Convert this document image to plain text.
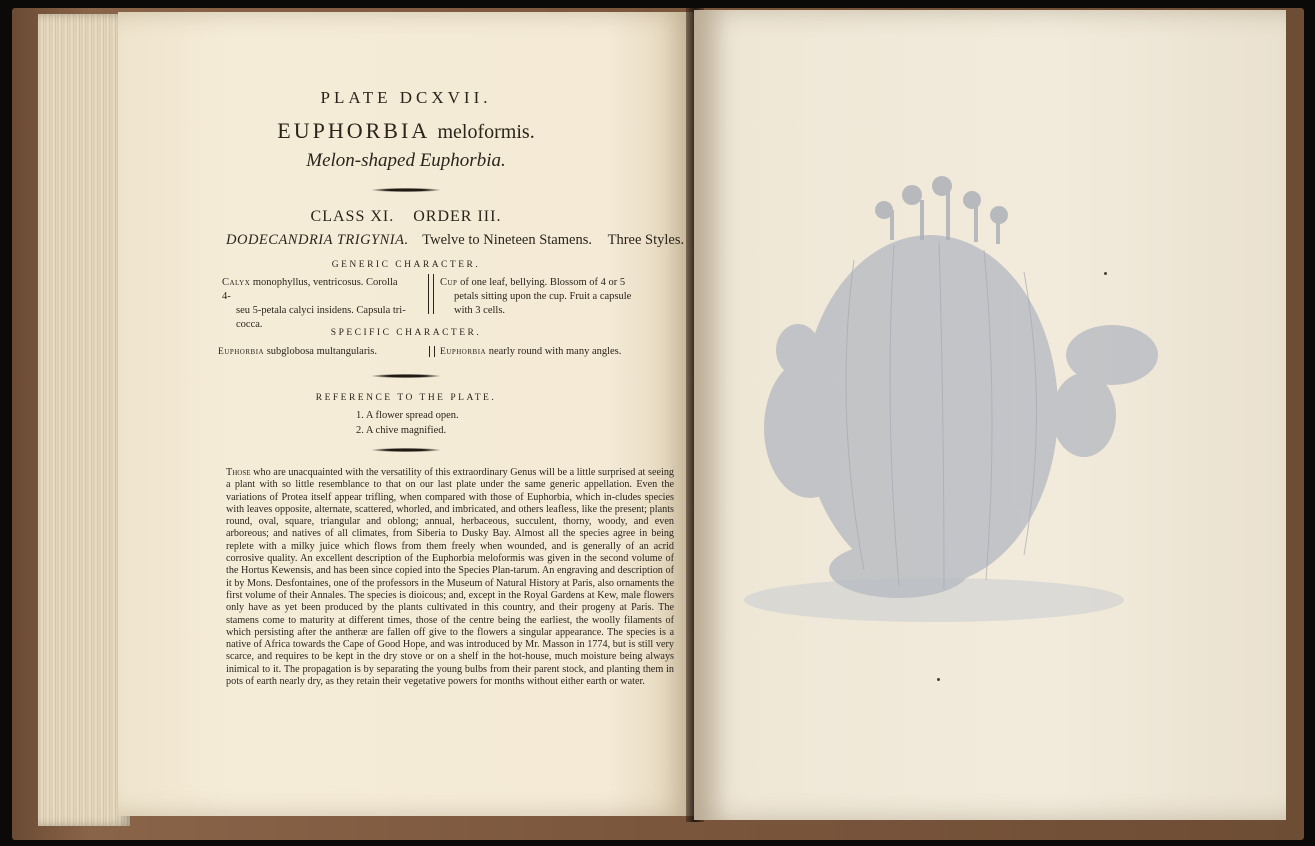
PLATE DCXVII.
EUPHORBIA meloformis.
Melon-shaped Euphorbia.
CLASS XI. ORDER III.
DODECANDRIA TRIGYNIA. Twelve to Nineteen Stamens. Three Styles.
GENERIC CHARACTER.
Calyx monophyllus, ventricosus. Corolla 4-
seu 5-petala calyci insidens. Capsula tri-
cocca.
Cup of one leaf, bellying. Blossom of 4 or 5
petals sitting upon the cup. Fruit a capsule
with 3 cells.
SPECIFIC CHARACTER.
Euphorbia subglobosa multangularis.	Euphorbia nearly round with many angles.
REFERENCE TO THE PLATE.
1. A flower spread open.
2. A chive magnified.
Those who are unacquainted with the versatility of this extraordinary Genus will be a little surprised at seeing a plant with so little resemblance to that on our last plate under the same generic appellation. Even the variations of Protea itself appear trifling, when compared with those of Euphorbia, which in-cludes species with leaves opposite, alternate, scattered, whorled, and imbricated, and others leafless, like the present; plants round, oval, square, triangular and oblong; annual, herbaceous, succulent, thorny, woody, and even arboreous; and natives of all climates, from Siberia to Dusky Bay. Almost all the species agree in being replete with a milky juice which flows from them freely when wounded, and is generally of an acrid corrosive quality. An excellent description of the Euphorbia meloformis was given in the second volume of the Hortus Kewensis, and has been since copied into the Species Plan-tarum. An engraving and description of it by Mons. Desfontaines, one of the professors in the Museum of Natural History at Paris, also ornaments the first volume of their Annales. The species is dioicous; and, except in the Royal Gardens at Kew, male flowers only have as yet been produced by the plants cultivated in this country, and their progeny at Paris. The stamens come to maturity at different times, those of the centre being the earliest, the woolly filaments of which persisting after the antheræ are fallen off give to the flowers a singular appearance. The species is a native of Africa towards the Cape of Good Hope, and was introduced by Mr. Masson in 1774, but is still very scarce, and requires to be kept in the dry stove or on a shelf in the hot-house, much moisture being always inimical to it. The propagation is by separating the young bulbs from their parent stock, and planting them in pots of earth nearly dry, as they retain their vegetative powers for months without either earth or water.
